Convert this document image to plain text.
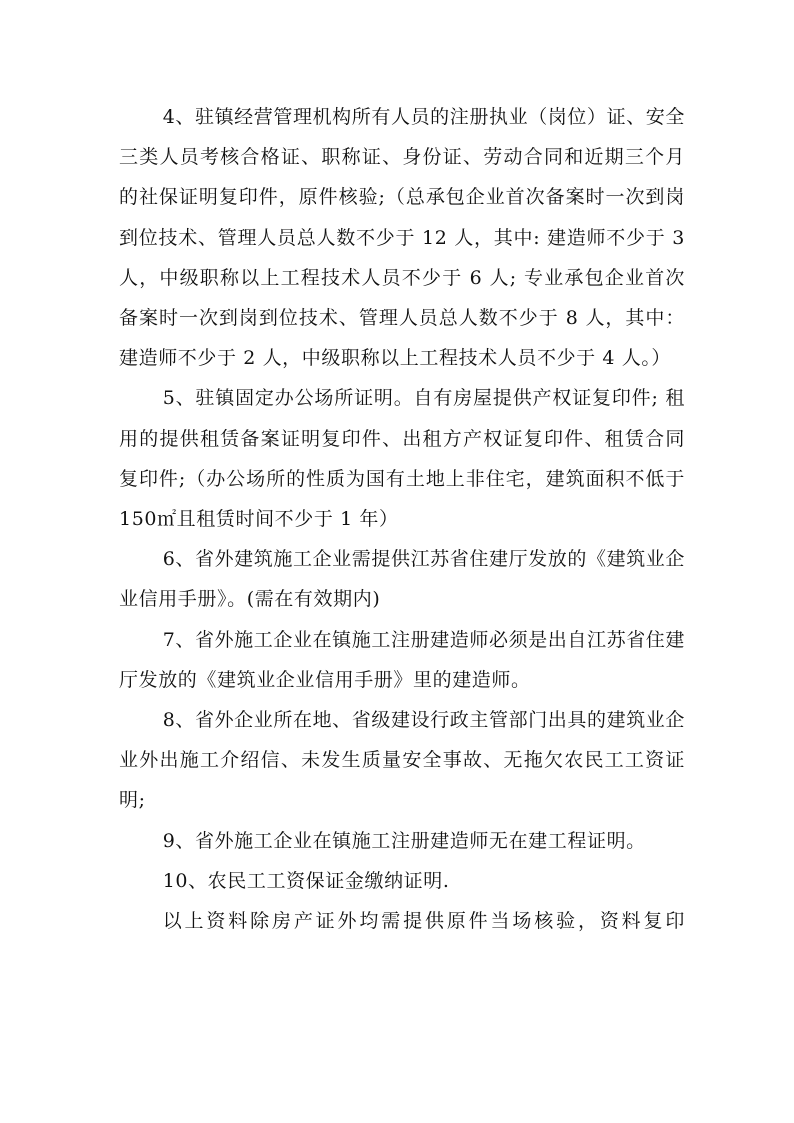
4、驻镇经营管理机构所有人员的注册执业（岗位）证、安全三类人员考核合格证、职称证、身份证、劳动合同和近期三个月的社保证明复印件，原件核验;（总承包企业首次备案时一次到岗到位技术、管理人员总人数不少于 12 人，其中: 建造师不少于 3 人，中级职称以上工程技术人员不少于 6 人; 专业承包企业首次备案时一次到岗到位技术、管理人员总人数不少于 8 人，其中：建造师不少于 2 人，中级职称以上工程技术人员不少于 4 人。）

5、驻镇固定办公场所证明。自有房屋提供产权证复印件; 租用的提供租赁备案证明复印件、出租方产权证复印件、租赁合同复印件;（办公场所的性质为国有土地上非住宅，建筑面积不低于 150㎡且租赁时间不少于 1 年）

6、省外建筑施工企业需提供江苏省住建厅发放的《建筑业企业信用手册》。(需在有效期内)

7、省外施工企业在镇施工注册建造师必须是出自江苏省住建厅发放的《建筑业企业信用手册》里的建造师。

8、省外企业所在地、省级建设行政主管部门出具的建筑业企业外出施工介绍信、未发生质量安全事故、无拖欠农民工工资证明;

9、省外施工企业在镇施工注册建造师无在建工程证明。

10、农民工工资保证金缴纳证明.

以上资料除房产证外均需提供原件当场核验，资料复印
